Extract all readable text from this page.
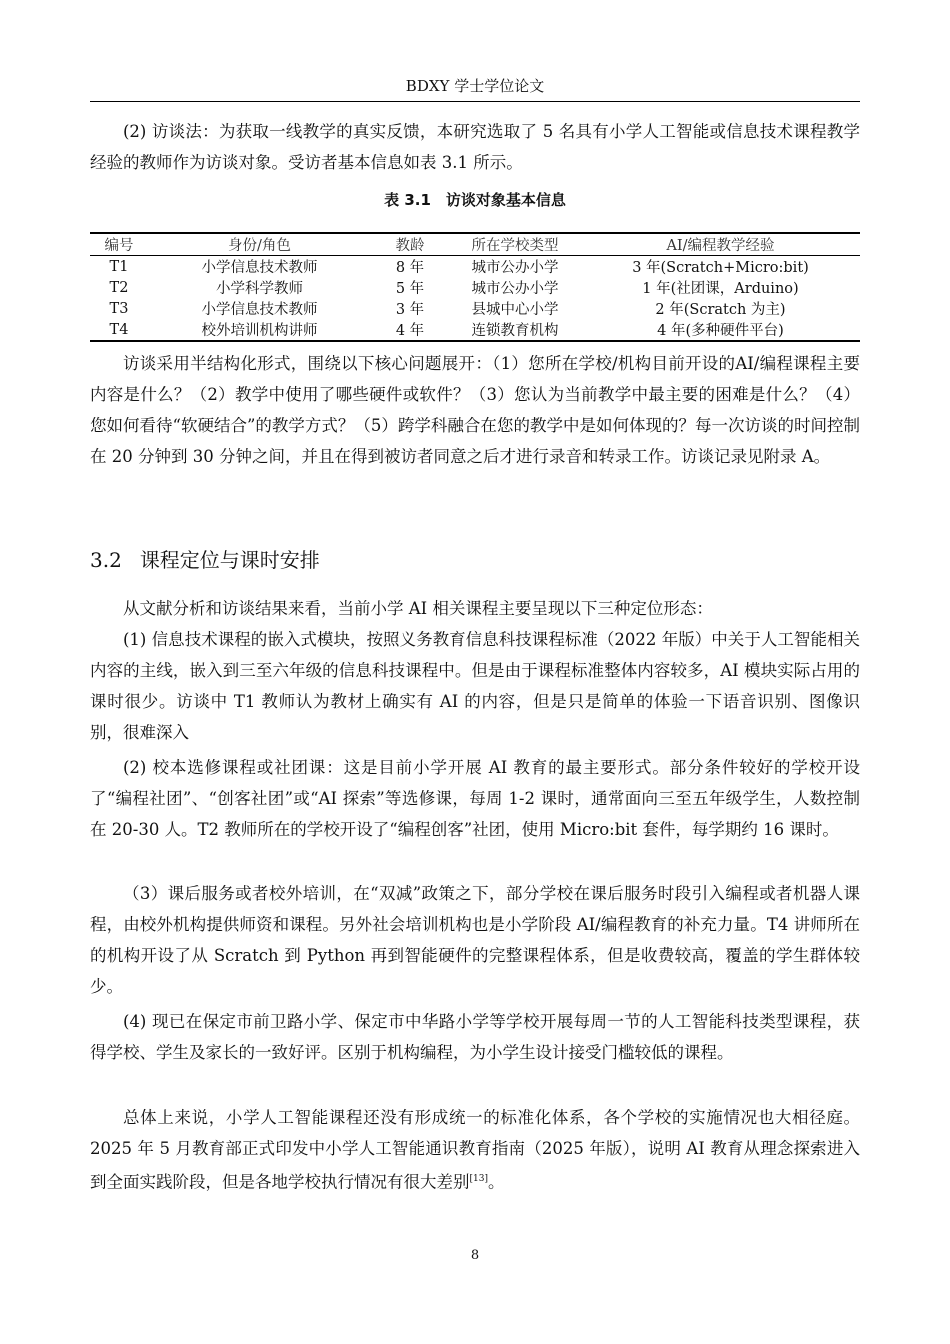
BDXY 学士学位论文

(2) 访谈法：为获取一线教学的真实反馈，本研究选取了 5 名具有小学人工智能或信息技术课程教学经验的教师作为访谈对象。受访者基本信息如表 3.1 所示。

表 3.1　访谈对象基本信息
编号	身份/角色	教龄	所在学校类型	AI/编程教学经验
T1	小学信息技术教师	8 年	城市公办小学	3 年(Scratch+Micro:bit)
T2	小学科学教师	5 年	城市公办小学	1 年(社团课，Arduino)
T3	小学信息技术教师	3 年	县城中心小学	2 年(Scratch 为主)
T4	校外培训机构讲师	4 年	连锁教育机构	4 年(多种硬件平台)

访谈采用半结构化形式，围绕以下核心问题展开：（1）您所在学校/机构目前开设的AI/编程课程主要内容是什么？（2）教学中使用了哪些硬件或软件？（3）您认为当前教学中最主要的困难是什么？（4）您如何看待“软硬结合”的教学方式？（5）跨学科融合在您的教学中是如何体现的？每一次访谈的时间控制在 20 分钟到 30 分钟之间，并且在得到被访者同意之后才进行录音和转录工作。访谈记录见附录 A。

3.2 课程定位与课时安排

从文献分析和访谈结果来看，当前小学 AI 相关课程主要呈现以下三种定位形态：

(1) 信息技术课程的嵌入式模块，按照义务教育信息科技课程标准（2022 年版）中关于人工智能相关内容的主线，嵌入到三至六年级的信息科技课程中。但是由于课程标准整体内容较多，AI 模块实际占用的课时很少。访谈中 T1 教师认为教材上确实有 AI 的内容，但是只是简单的体验一下语音识别、图像识别，很难深入

(2) 校本选修课程或社团课：这是目前小学开展 AI 教育的最主要形式。部分条件较好的学校开设了“编程社团”、“创客社团”或“AI 探索”等选修课，每周 1-2 课时，通常面向三至五年级学生，人数控制在 20-30 人。T2 教师所在的学校开设了“编程创客”社团，使用 Micro:bit 套件，每学期约 16 课时。

（3）课后服务或者校外培训，在“双减”政策之下，部分学校在课后服务时段引入编程或者机器人课程，由校外机构提供师资和课程。另外社会培训机构也是小学阶段 AI/编程教育的补充力量。T4 讲师所在的机构开设了从 Scratch 到 Python 再到智能硬件的完整课程体系，但是收费较高，覆盖的学生群体较少。

(4) 现已在保定市前卫路小学、保定市中华路小学等学校开展每周一节的人工智能科技类型课程，获得学校、学生及家长的一致好评。区别于机构编程，为小学生设计接受门槛较低的课程。

总体上来说，小学人工智能课程还没有形成统一的标准化体系，各个学校的实施情况也大相径庭。2025 年 5 月教育部正式印发中小学人工智能通识教育指南（2025 年版），说明 AI 教育从理念探索进入到全面实践阶段，但是各地学校执行情况有很大差别[13]。

8
